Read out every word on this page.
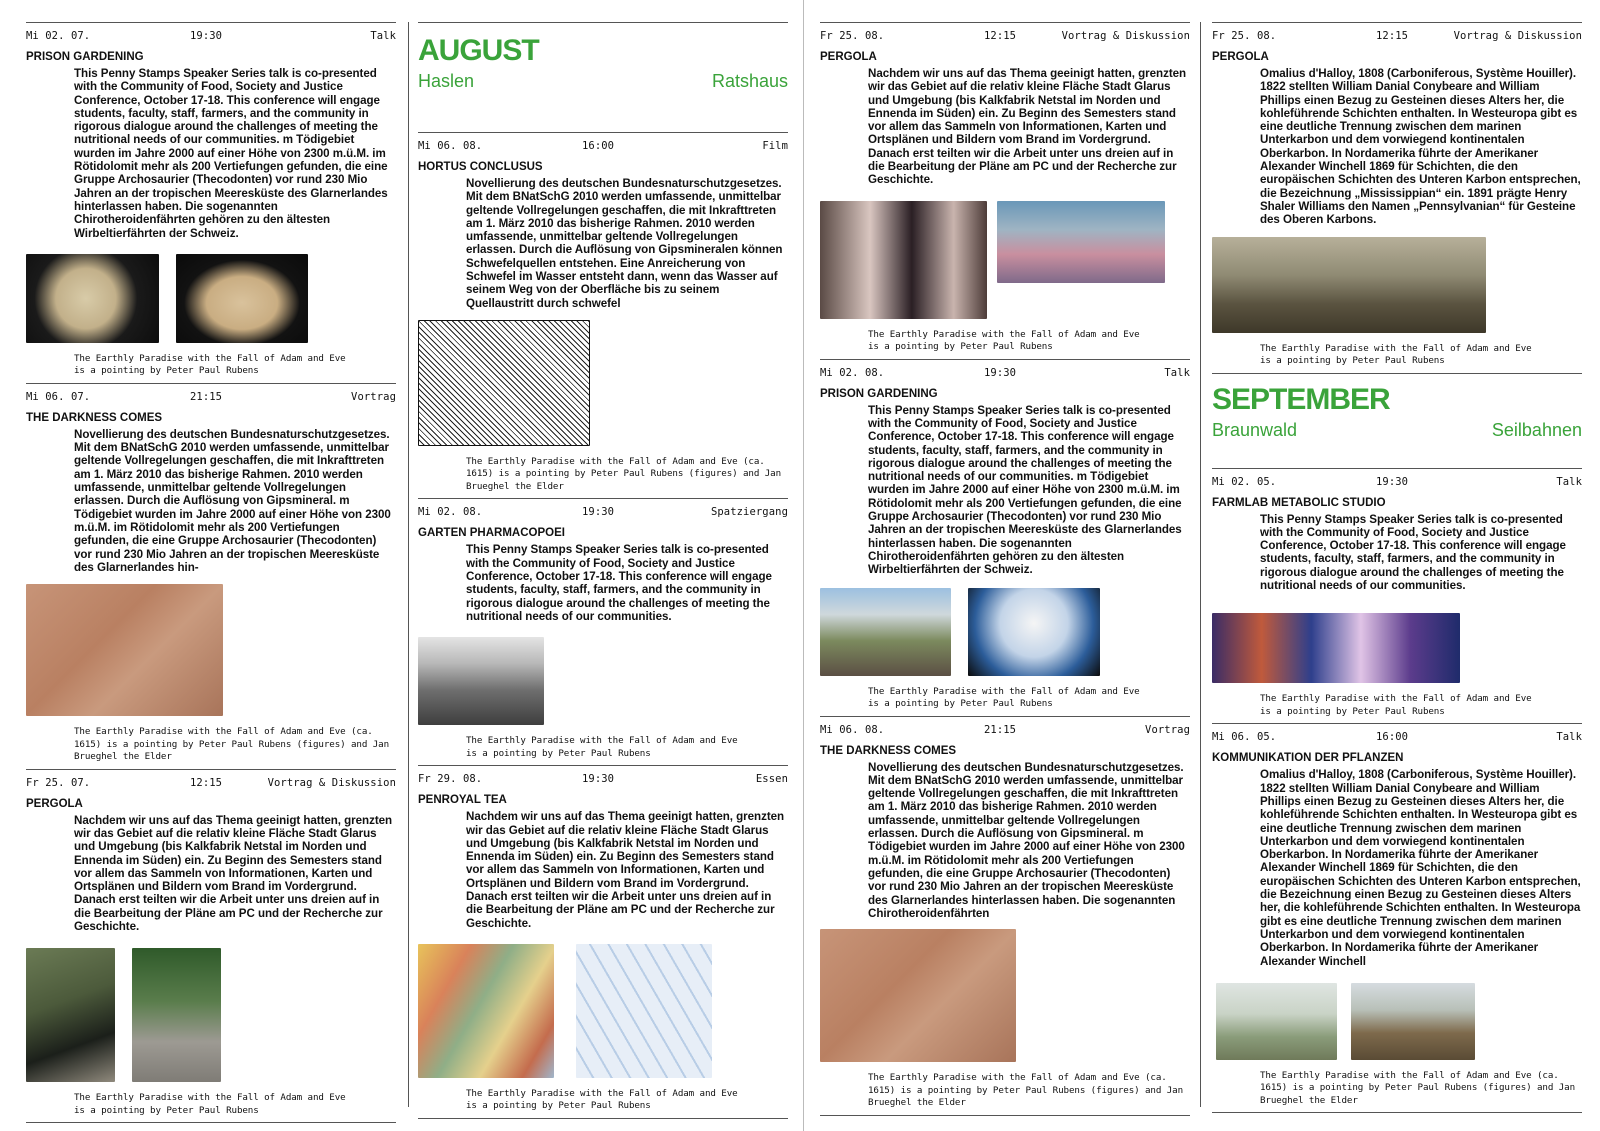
Mi 02. 07.	19:30	Talk
PRISON GARDENING
This Penny Stamps Speaker Series talk is co-presented with the Community of Food, Society and Justice Conference, October 17-18. This conference will engage students, faculty, staff, farmers, and the community in rigorous dialogue around the challenges of meeting the nutritional needs of our communities. m Tödigebiet wurden im Jahre 2000 auf einer Höhe von 2300 m.ü.M. im Rötidolomit mehr als 200 Vertiefungen gefunden, die eine Gruppe Archosaurier (Thecodonten) vor rund 230 Mio Jahren an der tropischen Meeresküste des Glarnerlandes hinterlassen haben. Die sogenannten Chirotheroidenfährten gehören zu den ältesten Wirbeltierfährten der Schweiz.
The Earthly Paradise with the Fall of Adam and Eve
is a pointing by Peter Paul Rubens
Mi 06. 07.	21:15	Vortrag
THE DARKNESS COMES
Novellierung des deutschen Bundesnaturschutzgesetzes. Mit dem BNatSchG 2010 werden umfassende, unmittelbar geltende Vollregelungen geschaffen, die mit Inkrafttreten am 1. März 2010 das bisherige Rahmen. 2010 werden umfassende, unmittelbar geltende Vollregelungen erlassen. Durch die Auflösung von Gipsmineral. m Tödigebiet wurden im Jahre 2000 auf einer Höhe von 2300 m.ü.M. im Rötidolomit mehr als 200 Vertiefungen gefunden, die eine Gruppe Archosaurier (Thecodonten) vor rund 230 Mio Jahren an der tropischen Meeresküste des Glarnerlandes hin-
The Earthly Paradise with the Fall of Adam and Eve (ca.
1615) is a pointing by Peter Paul Rubens (figures) and Jan
Brueghel the Elder
Fr 25. 07.	12:15	Vortrag & Diskussion
PERGOLA
Nachdem wir uns auf das Thema geeinigt hatten, grenzten wir das Gebiet auf die relativ kleine Fläche Stadt Glarus und Umgebung (bis Kalkfabrik Netstal im Norden und Ennenda im Süden) ein. Zu Beginn des Semesters stand vor allem das Sammeln von Informationen, Karten und Ortsplänen und Bildern vom Brand im Vordergrund. Danach erst teilten wir die Arbeit unter uns dreien auf in die Bearbeitung der Pläne am PC und der Recherche zur Geschichte.
The Earthly Paradise with the Fall of Adam and Eve
is a pointing by Peter Paul Rubens
AUGUST
Haslen	Ratshaus
Mi 06. 08.	16:00	Film
HORTUS CONCLUSUS
Novellierung des deutschen Bundesnaturschutzgesetzes. Mit dem BNatSchG 2010 werden umfassende, unmittelbar geltende Vollregelungen geschaffen, die mit Inkrafttreten am 1. März 2010 das bisherige Rahmen. 2010 werden umfassende, unmittelbar geltende Vollregelungen erlassen. Durch die Auflösung von Gipsmineralen können Schwefelquellen entstehen. Eine Anreicherung von Schwefel im Wasser entsteht dann, wenn das Wasser auf seinem Weg von der Oberfläche bis zu seinem Quellaustritt durch schwefel
The Earthly Paradise with the Fall of Adam and Eve (ca.
1615) is a pointing by Peter Paul Rubens (figures) and Jan
Brueghel the Elder
Mi 02. 08.	19:30	Spatziergang
GARTEN PHARMACOPOEI
This Penny Stamps Speaker Series talk is co-presented with the Community of Food, Society and Justice Conference, October 17-18. This conference will engage students, faculty, staff, farmers, and the community in rigorous dialogue around the challenges of meeting the nutritional needs of our communities.
The Earthly Paradise with the Fall of Adam and Eve
is a pointing by Peter Paul Rubens
Fr 29. 08.	19:30	Essen
PENROYAL TEA
Nachdem wir uns auf das Thema geeinigt hatten, grenzten wir das Gebiet auf die relativ kleine Fläche Stadt Glarus und Umgebung (bis Kalkfabrik Netstal im Norden und Ennenda im Süden) ein. Zu Beginn des Semesters stand vor allem das Sammeln von Informationen, Karten und Ortsplänen und Bildern vom Brand im Vordergrund. Danach erst teilten wir die Arbeit unter uns dreien auf in die Bearbeitung der Pläne am PC und der Recherche zur Geschichte.
The Earthly Paradise with the Fall of Adam and Eve
is a pointing by Peter Paul Rubens
Fr 25. 08.	12:15	Vortrag & Diskussion
PERGOLA
Nachdem wir uns auf das Thema geeinigt hatten, grenzten wir das Gebiet auf die relativ kleine Fläche Stadt Glarus und Umgebung (bis Kalkfabrik Netstal im Norden und Ennenda im Süden) ein. Zu Beginn des Semesters stand vor allem das Sammeln von Informationen, Karten und Ortsplänen und Bildern vom Brand im Vordergrund. Danach erst teilten wir die Arbeit unter uns dreien auf in die Bearbeitung der Pläne am PC und der Recherche zur Geschichte.
The Earthly Paradise with the Fall of Adam and Eve
is a pointing by Peter Paul Rubens
Mi 02. 08.	19:30	Talk
PRISON GARDENING
This Penny Stamps Speaker Series talk is co-presented with the Community of Food, Society and Justice Conference, October 17-18. This conference will engage students, faculty, staff, farmers, and the community in rigorous dialogue around the challenges of meeting the nutritional needs of our communities. m Tödigebiet wurden im Jahre 2000 auf einer Höhe von 2300 m.ü.M. im Rötidolomit mehr als 200 Vertiefungen gefunden, die eine Gruppe Archosaurier (Thecodonten) vor rund 230 Mio Jahren an der tropischen Meeresküste des Glarnerlandes hinterlassen haben. Die sogenannten Chirotheroidenfährten gehören zu den ältesten Wirbeltierfährten der Schweiz.
The Earthly Paradise with the Fall of Adam and Eve
is a pointing by Peter Paul Rubens
Mi 06. 08.	21:15	Vortrag
THE DARKNESS COMES
Novellierung des deutschen Bundesnaturschutzgesetzes. Mit dem BNatSchG 2010 werden umfassende, unmittelbar geltende Vollregelungen geschaffen, die mit Inkrafttreten am 1. März 2010 das bisherige Rahmen. 2010 werden umfassende, unmittelbar geltende Vollregelungen erlassen. Durch die Auflösung von Gipsmineral. m Tödigebiet wurden im Jahre 2000 auf einer Höhe von 2300 m.ü.M. im Rötidolomit mehr als 200 Vertiefungen gefunden, die eine Gruppe Archosaurier (Thecodonten) vor rund 230 Mio Jahren an der tropischen Meeresküste des Glarnerlandes hinterlassen haben. Die sogenannten Chirotheroidenfährten
The Earthly Paradise with the Fall of Adam and Eve (ca.
1615) is a pointing by Peter Paul Rubens (figures) and Jan
Brueghel the Elder
Fr 25. 08.	12:15	Vortrag & Diskussion
PERGOLA
Omalius d'Halloy, 1808 (Carboniferous, Système Houiller). 1822 stellten William Danial Conybeare and William Phillips einen Bezug zu Gesteinen dieses Alters her, die kohleführende Schichten enthalten. In Westeuropa gibt es eine deutliche Trennung zwischen dem marinen Unterkarbon und dem vorwiegend kontinentalen Oberkarbon. In Nordamerika führte der Amerikaner Alexander Winchell 1869 für Schichten, die den europäischen Schichten des Unteren Karbon entsprechen, die Bezeichnung „Mississippian“ ein. 1891 prägte Henry Shaler Williams den Namen „Pennsylvanian“ für Gesteine des Oberen Karbons.
The Earthly Paradise with the Fall of Adam and Eve
is a pointing by Peter Paul Rubens
SEPTEMBER
Braunwald	Seilbahnen
Mi 02. 05.	19:30	Talk
FARMLAB METABOLIC STUDIO
This Penny Stamps Speaker Series talk is co-presented with the Community of Food, Society and Justice Conference, October 17-18. This conference will engage students, faculty, staff, farmers, and the community in rigorous dialogue around the challenges of meeting the nutritional needs of our communities.
The Earthly Paradise with the Fall of Adam and Eve
is a pointing by Peter Paul Rubens
Mi 06. 05.	16:00	Talk
KOMMUNIKATION DER PFLANZEN
Omalius d'Halloy, 1808 (Carboniferous, Système Houiller). 1822 stellten William Danial Conybeare and William Phillips einen Bezug zu Gesteinen dieses Alters her, die kohleführende Schichten enthalten. In Westeuropa gibt es eine deutliche Trennung zwischen dem marinen Unterkarbon und dem vorwiegend kontinentalen Oberkarbon. In Nordamerika führte der Amerikaner Alexander Winchell 1869 für Schichten, die den europäischen Schichten des Unteren Karbon entsprechen, die Bezeichnung einen Bezug zu Gesteinen dieses Alters her, die kohleführende Schichten enthalten. In Westeuropa gibt es eine deutliche Trennung zwischen dem marinen Unterkarbon und dem vorwiegend kontinentalen Oberkarbon. In Nordamerika führte der Amerikaner Alexander Winchell
The Earthly Paradise with the Fall of Adam and Eve (ca.
1615) is a pointing by Peter Paul Rubens (figures) and Jan
Brueghel the Elder
